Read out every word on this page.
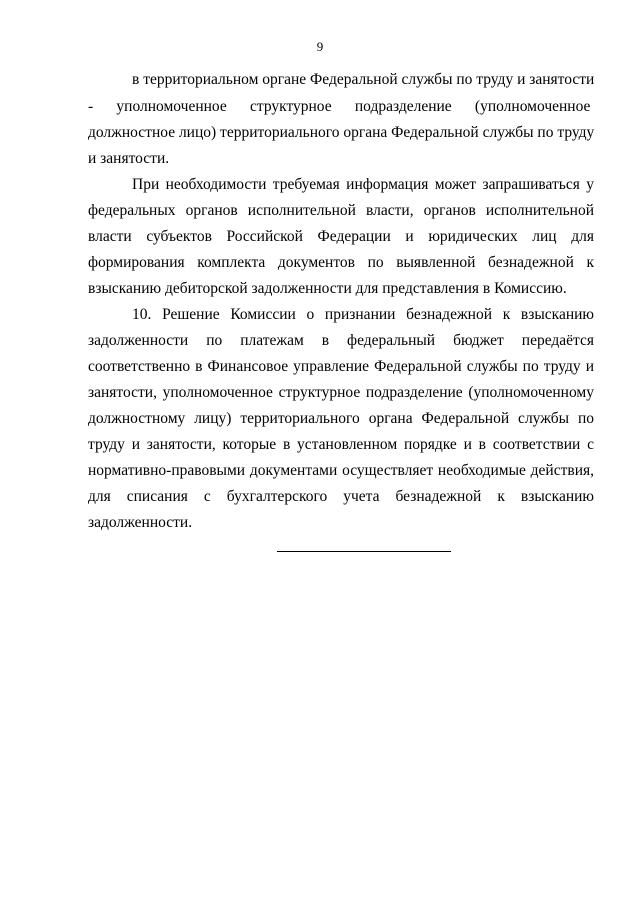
9
в территориальном органе Федеральной службы по труду и занятости
-      уполномоченное      структурное      подразделение      (уполномоченное
должностное лицо) территориального органа Федеральной службы по труду
и занятости.
При необходимости требуемая информация может запрашиваться у
федеральных органов исполнительной власти, органов исполнительной
власти субъектов Российской Федерации и юридических лиц для
формирования комплекта документов по выявленной безнадежной к
взысканию дебиторской задолженности для представления в Комиссию.
10. Решение Комиссии о признании безнадежной к взысканию
задолженности по платежам в федеральный бюджет передаётся
соответственно в Финансовое управление Федеральной службы по труду и
занятости, уполномоченное структурное подразделение (уполномоченному
должностному лицу) территориального органа Федеральной службы по
труду и занятости, которые в установленном порядке и в соответствии с
нормативно-правовыми документами осуществляет необходимые действия,
для списания с бухгалтерского учета безнадежной к взысканию
задолженности.
